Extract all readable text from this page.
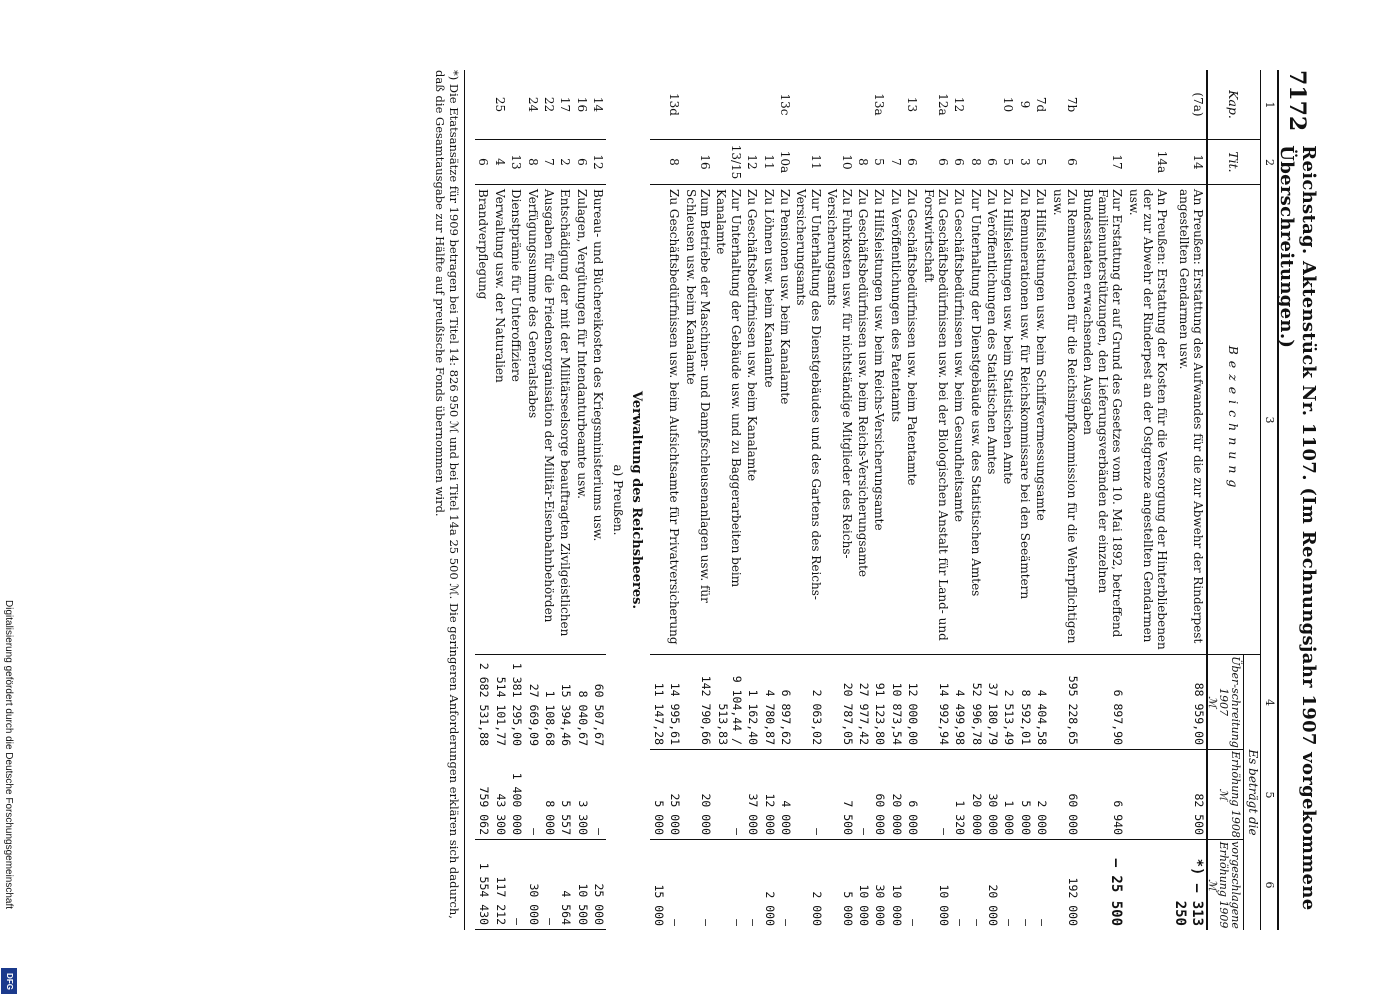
7172
Reichstag. Aktenstück Nr. 1107. (Im Rechnungsjahr 1907 vorgekommene Überschreitungen.)
1
2
3
4
5
6
Kap.
Tit.
Bezeichnung
Es beträgt die
Über-schreitung 1907
ℳ
Erhöhung 1908
ℳ
vorgeschlagene Erhöhung 1909
ℳ
(7a)
14
An Preußen: Erstattung des Aufwandes für die zur Abwehr der Rinderpest angestellten Gendarmen usw.
88 959,00
82 500
*) — 313 250
14a
An Preußen: Erstattung der Kosten für die Versorgung der Hinterbliebenen der zur Abwehr der Rinderpest an der Ostgrenze angestellten Gendarmen usw.
17
Zur Erstattung der auf Grund des Gesetzes vom 10. Mai 1892, betreffend Familienunterstützungen, den Lieferungsverbänden der einzelnen Bundesstaaten erwachsenden Ausgaben
6 897,90
6 940
— 25 500
7b
6
Zu Remunerationen für die Reichsimpfkommission für die Wehrpflichtigen usw.
595 228,65
60 000
192 000
7d
5
Zu Hilfsleistungen usw. beim Schiffsvermessungsamte
4 404,58
2 000
—
9
3
Zu Remunerationen usw. für Reichskommissare bei den Seeämtern
8 592,01
5 000
—
10
5
Zu Hilfsleistungen usw. beim Statistischen Amte
2 513,49
1 000
—
6
Zu Veröffentlichungen des Statistischen Amtes
37 180,79
30 000
20 000
8
Zur Unterhaltung der Dienstgebäude usw. des Statistischen Amtes
52 996,78
20 000
—
12
6
Zu Geschäftsbedürfnissen usw. beim Gesundheitsamte
4 499,98
1 320
—
12a
6
Zu Geschäftsbedürfnissen usw. bei der Biologischen Anstalt für Land- und Forstwirtschaft
14 992,94
—
10 000
13
6
Zu Geschäftsbedürfnissen usw. beim Patentamte
12 000,00
6 000
—
7
Zu Veröffentlichungen des Patentamts
10 873,54
20 000
10 000
13a
5
Zu Hilfsleistungen usw. beim Reichs-Versicherungsamte
91 123,80
60 000
30 000
8
Zu Geschäftsbedürfnissen usw. beim Reichs-Versicherungsamte
27 977,42
—
10 000
10
Zu Fuhrkosten usw. für nichtständige Mitglieder des Reichs-Versicherungsamts
20 787,05
7 500
5 000
11
Zur Unterhaltung des Dienstgebäudes und des Gartens des Reichs-Versicherungsamts
2 063,02
—
2 000
13c
10a
Zu Pensionen usw. beim Kanalamte
6 897,62
4 000
—
11
Zu Löhnen usw. beim Kanalamte
4 780,87
12 000
2 000
12
Zu Geschäftsbedürfnissen usw. beim Kanalamte
1 162,40
37 000
—
13/15
Zur Unterhaltung der Gebäude usw. und zu Baggerarbeiten beim Kanalamte
9 104,44 / 513,83
—
—
16
Zum Betriebe der Maschinen- und Dampfschleusenanlagen usw. für Schleusen usw. beim Kanalamte
142 790,66
20 000
—
13d
8
Zu Geschäftsbedürfnissen usw. beim Aufsichtsamte für Privatversicherung
14 995,61
25 000
—
11 147,28
5 000
15 000
Verwaltung des Reichsheeres.
a) Preußen.
14
12
Bureau- und Büchereikosten des Kriegsministeriums usw.
60 507,67
—
25 000
16
6
Zulagen, Vergütungen für Intendanturbeamte usw.
8 040,67
3 300
10 500
17
2
Entschädigung der mit der Militärseelsorge beauftragten Zivilgeistlichen
15 394,46
5 557
4 564
22
7
Ausgaben für die Friedensorganisation der Militär-Eisenbahnbehörden
1 108,68
8 000
—
24
8
Verfügungssumme des Generalstabes
27 669,09
—
30 000
13
Dienstprämie für Unteroffiziere
1 381 295,00
1 400 000
—
25
4
Verwaltung usw. der Naturalien
514 101,77
43 300
117 212
6
Brandverpflegung
2 682 531,88
759 062
1 554 430
*) Die Etatsansätze für 1909 betragen bei Titel 14: 826 950 ℳ und bei Titel 14a 25 500 ℳ. Die geringeren Anforderungen erklären sich dadurch, daß die Gesamtausgabe zur Hälfte auf preußische Fonds übernommen wird.
Digitalisierung gefördert durch die Deutsche Forschungsgemeinschaft
DFG
